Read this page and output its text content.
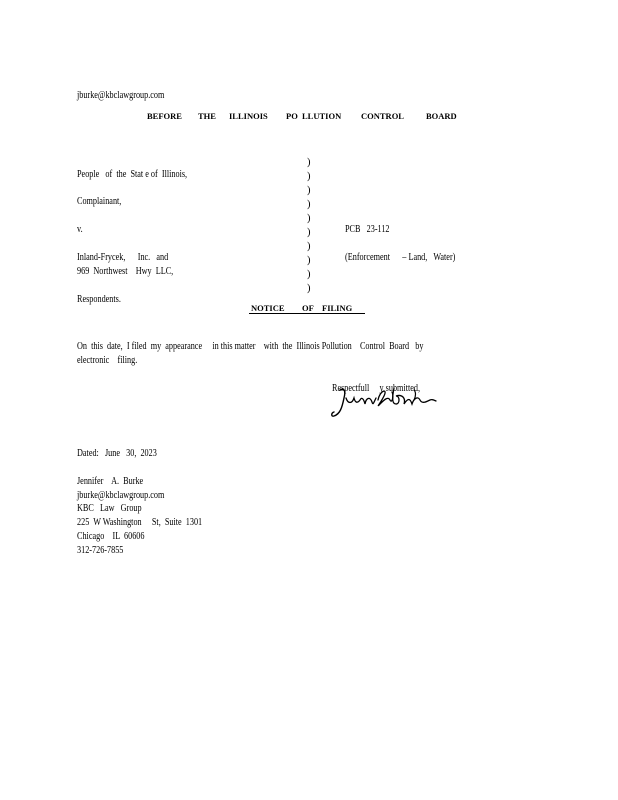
jburke@kbclawgroup.com

BEFORE THE ILLINOIS PO LLUTION CONTROL	BOARD

People   of  the  Stat e of  Illinois,

Complainant,

v.

Inland-Frycek,      Inc.   and

969  Northwest    Hwy  LLC,

Respondents.

)
)
)
)
)
)
)
)
)
)

PCB   23-112

(Enforcement      – Land,   Water)

NOTICE OF FILING

On  this  date,  I filed  my  appearance     in this matter    with  the  Illinois Pollution    Control  Board   by

electronic    filing.

Respectfull     y submitted,

Dated:   June   30,  2023

Jennifer    A.  Burke

jburke@kbclawgroup.com

KBC   Law   Group

225  W Washington     St,  Suite  1301

Chicago    IL  60606

312-726-7855
